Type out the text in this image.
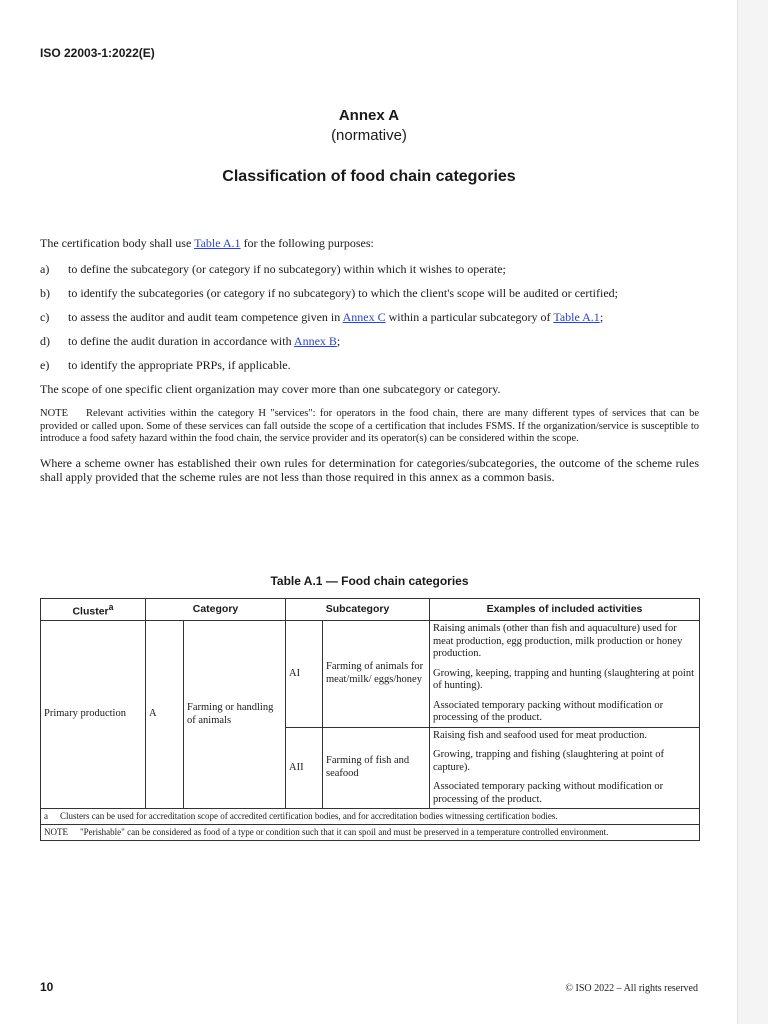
ISO 22003-1:2022(E)
Annex A
(normative)
Classification of food chain categories

The certification body shall use Table A.1 for the following purposes:

a)	to define the subcategory (or category if no subcategory) within which it wishes to operate;
b)	to identify the subcategories (or category if no subcategory) to which the client's scope will be audited or certified;
c)	to assess the auditor and audit team competence given in Annex C within a particular subcategory of Table A.1;
d)	to define the audit duration in accordance with Annex B;
e)	to identify the appropriate PRPs, if applicable.

The scope of one specific client organization may cover more than one subcategory or category.

NOTE Relevant activities within the category H "services": for operators in the food chain, there are many different types of services that can be provided or called upon. Some of these services can fall outside the scope of a certification that includes FSMS. If the organization/service is susceptible to introduce a food safety hazard within the food chain, the service provider and its operator(s) can be considered within the scope.

Where a scheme owner has established their own rules for determination for categories/subcategories, the outcome of the scheme rules shall apply provided that the scheme rules are not less than those required in this annex as a common basis.

Table A.1 — Food chain categories
Cluster$^a$	Category		Subcategory		Examples of included activities
Primary production	A	Farming or handling of animals	AI	Farming of animals for meat/milk/ eggs/honey	Raising animals (other than fish and aquaculture) used for meat production, egg production, milk production or honey production.
Growing, keeping, trapping and hunting (slaughtering at point of hunting).
Associated temporary packing without modification or processing of the product.

			AII	Farming of fish and seafood	Raising fish and seafood used for meat production.
Growing, trapping and fishing (slaughtering at point of capture).
Associated temporary packing without modification or processing of the product.

a Clusters can be used for accreditation scope of accredited certification bodies, and for accreditation bodies witnessing certification bodies.					
NOTE "Perishable" can be considered as food of a type or condition such that it can spoil and must be preserved in a temperature controlled environment.					
10	© ISO 2022 – All rights reserved
